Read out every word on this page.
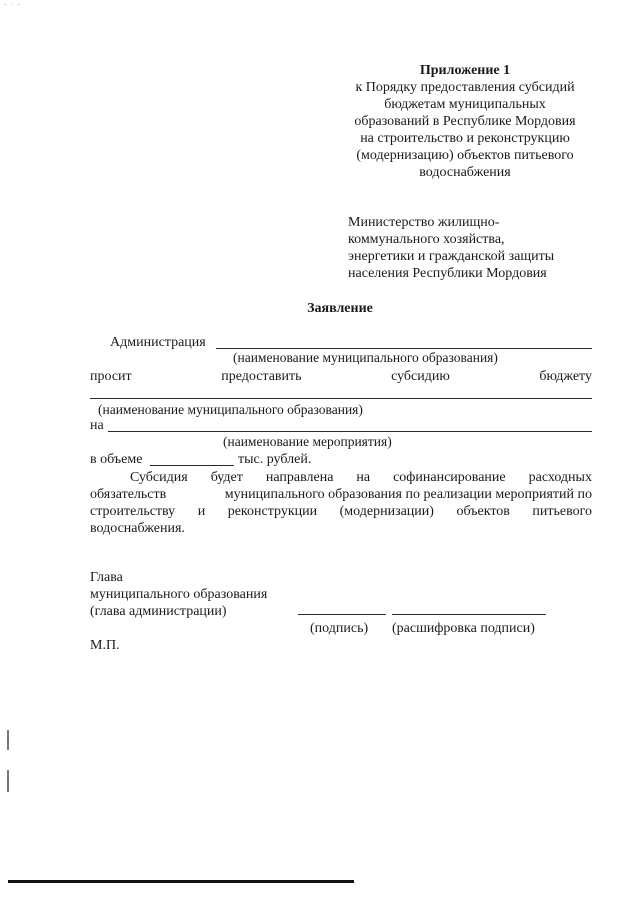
- · -
Приложение 1
к Порядку предоставления субсидий
бюджетам муниципальных
образований в Республике Мордовия
на строительство и реконструкцию
(модернизацию) объектов питьевого
водоснабжения
Министерство жилищно-
коммунального хозяйства,
энергетики и гражданской защиты
населения Республики Мордовия
Заявление
Администрация
(наименование муниципального образования)
просит	предоставить	субсидию	бюджету
(наименование муниципального образования)
на
(наименование мероприятия)
в объеме	тыс. рублей.
Субсидия будет направлена на софинансирование расходных
обязательств	муниципального образования по реализации мероприятий по
строительству и реконструкции (модернизации) объектов питьевого
водоснабжения.
Глава
муниципального образования
(глава администрации)
(подпись) (расшифровка подписи)
М.П.
